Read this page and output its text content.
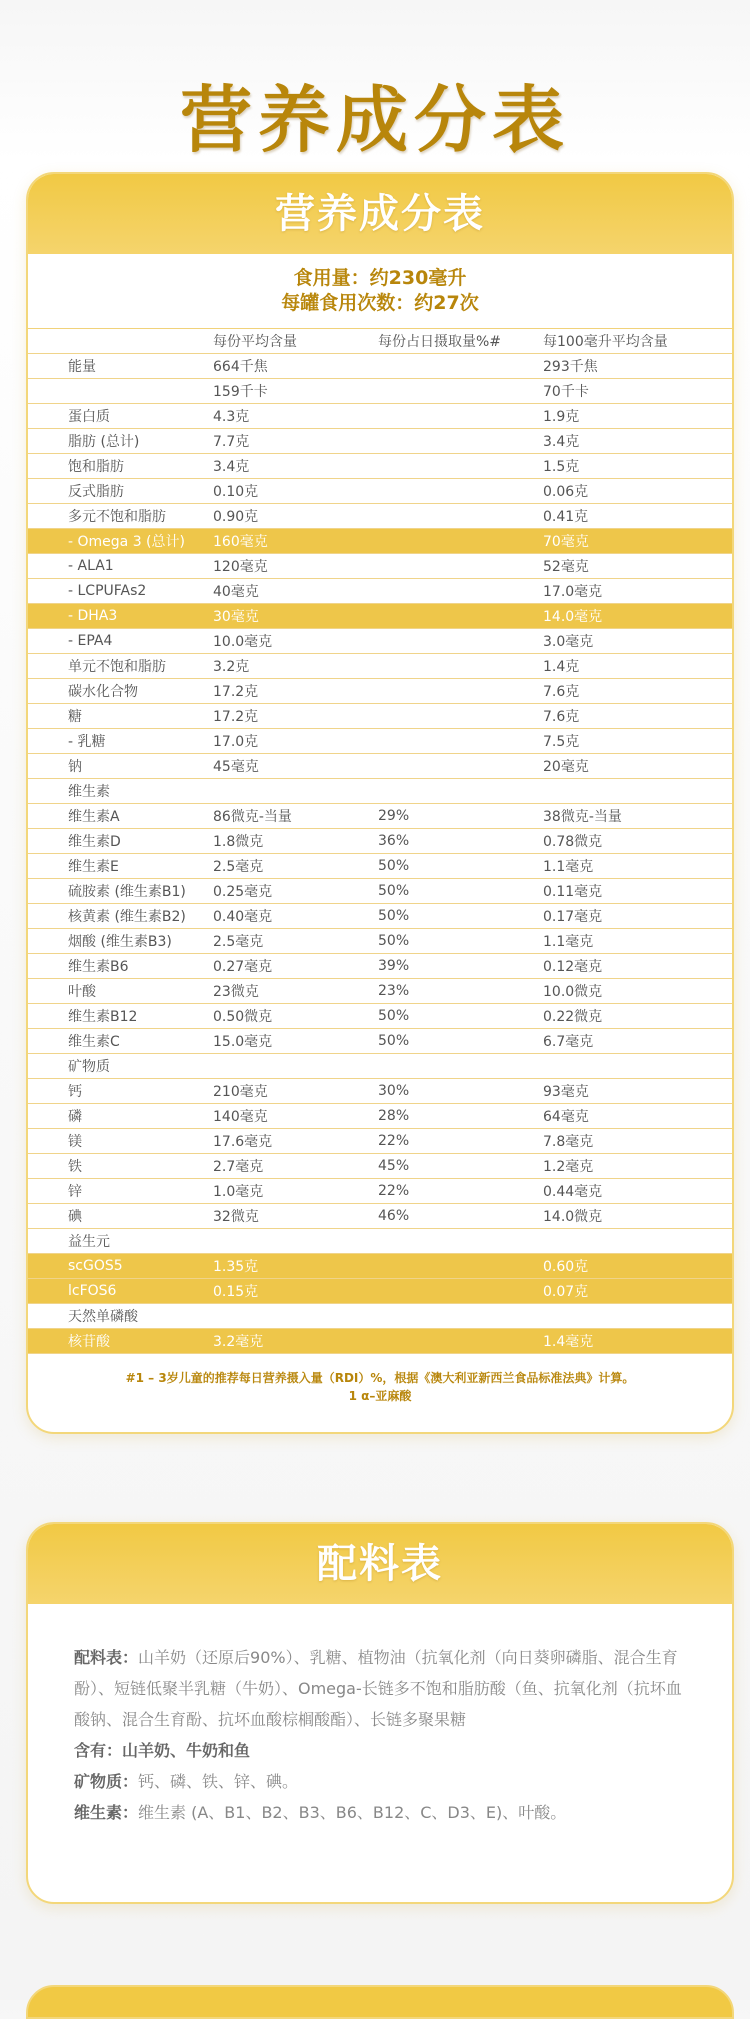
营养成分表
营养成分表
食用量：约230毫升
每罐食用次数：约27次
	每份平均含量	每份占日摄取量%#	每100毫升平均含量
能量	664千焦		293千焦
	159千卡		70千卡
蛋白质	4.3克		1.9克
脂肪 (总计)	7.7克		3.4克
饱和脂肪	3.4克		1.5克
反式脂肪	0.10克		0.06克
多元不饱和脂肪	0.90克		0.41克
- Omega 3 (总计)	160毫克		70毫克
- ALA1	120毫克		52毫克
- LCPUFAs2	40毫克		17.0毫克
- DHA3	30毫克		14.0毫克
- EPA4	10.0毫克		3.0毫克
单元不饱和脂肪	3.2克		1.4克
碳水化合物	17.2克		7.6克
糖	17.2克		7.6克
- 乳糖	17.0克		7.5克
钠	45毫克		20毫克
维生素			
维生素A	86微克-当量	29%	38微克-当量
维生素D	1.8微克	36%	0.78微克
维生素E	2.5毫克	50%	1.1毫克
硫胺素 (维生素B1)	0.25毫克	50%	0.11毫克
核黄素 (维生素B2)	0.40毫克	50%	0.17毫克
烟酸 (维生素B3)	2.5毫克	50%	1.1毫克
维生素B6	0.27毫克	39%	0.12毫克
叶酸	23微克	23%	10.0微克
维生素B12	0.50微克	50%	0.22微克
维生素C	15.0毫克	50%	6.7毫克
矿物质			
钙	210毫克	30%	93毫克
磷	140毫克	28%	64毫克
镁	17.6毫克	22%	7.8毫克
铁	2.7毫克	45%	1.2毫克
锌	1.0毫克	22%	0.44毫克
碘	32微克	46%	14.0微克
益生元			
scGOS5	1.35克		0.60克
lcFOS6	0.15克		0.07克
天然单磷酸			
核苷酸	3.2毫克		1.4毫克
#1 – 3岁儿童的推荐每日营养摄入量（RDI）%，根据《澳大利亚新西兰食品标准法典》计算。
1 α–亚麻酸
配料表
配料表：山羊奶（还原后90%）、乳糖、植物油（抗氧化剂（向日葵卵磷脂、混合生育酚）、短链低聚半乳糖（牛奶）、Omega-长链多不饱和脂肪酸（鱼、抗氧化剂（抗坏血酸钠、混合生育酚、抗坏血酸棕榈酸酯）、长链多聚果糖
含有：山羊奶、牛奶和鱼
矿物质：钙、磷、铁、锌、碘。
维生素：维生素 (A、B1、B2、B3、B6、B12、C、D3、E)、叶酸。
